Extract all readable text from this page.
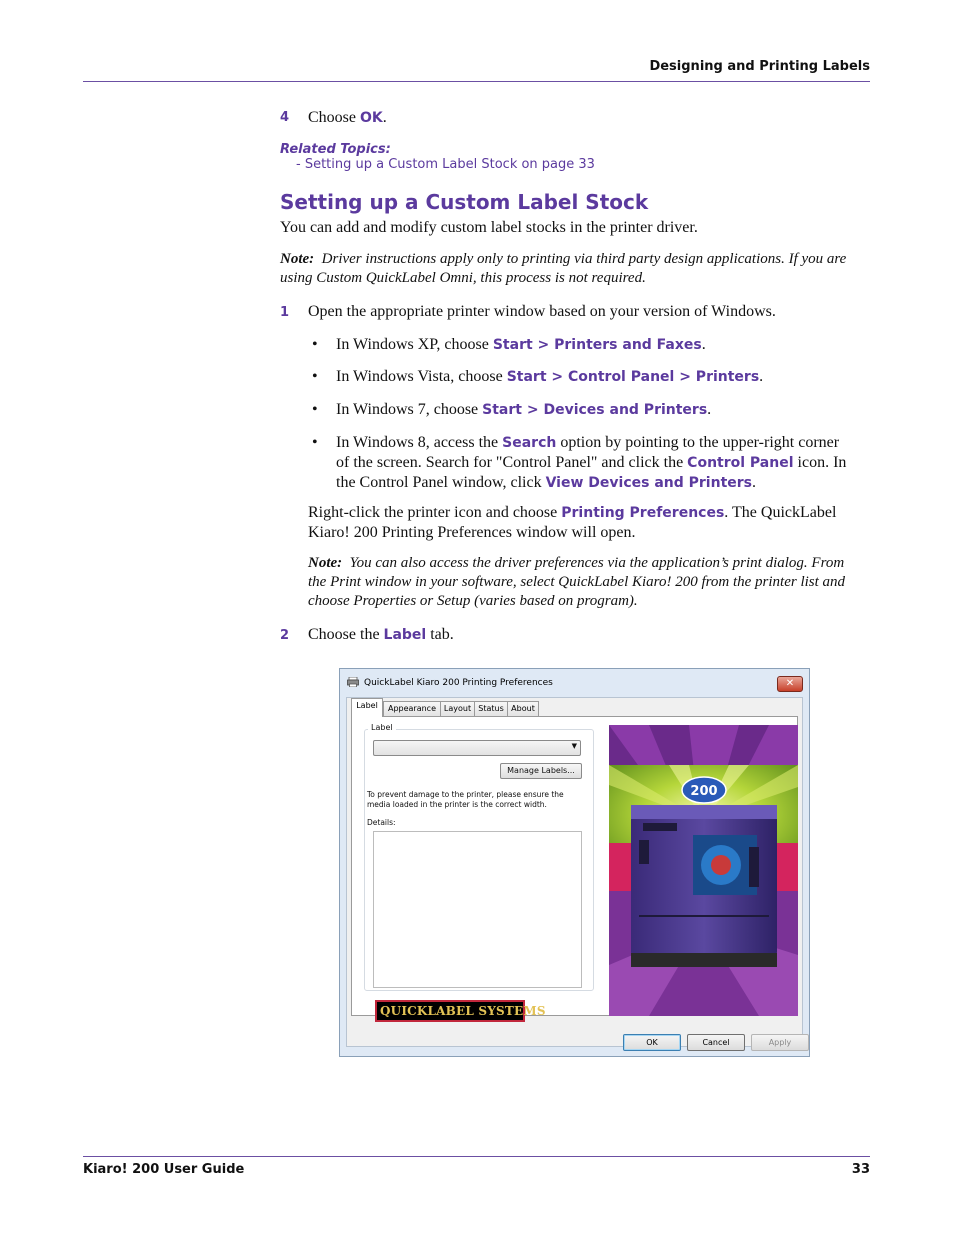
Designing and Printing Labels
4 Choose OK.
Related Topics:
- Setting up a Custom Label Stock on page 33
Setting up a Custom Label Stock
You can add and modify custom label stocks in the printer driver.
Note: Driver instructions apply only to printing via third party design applications. If you are
using Custom QuickLabel Omni, this process is not required.
1 Open the appropriate printer window based on your version of Windows.
• In Windows XP, choose Start > Printers and Faxes.
• In Windows Vista, choose Start > Control Panel > Printers.
• In Windows 7, choose Start > Devices and Printers.
• In Windows 8, access the Search option by pointing to the upper-right corner
of the screen. Search for "Control Panel" and click the Control Panel icon. In
the Control Panel window, click View Devices and Printers.
Right-click the printer icon and choose Printing Preferences. The QuickLabel
Kiaro! 200 Printing Preferences window will open.
Note: You can also access the driver preferences via the application’s print dialog. From
the Print window in your software, select QuickLabel Kiaro! 200 from the printer list and
choose Properties or Setup (varies based on program).
2 Choose the Label tab.
QuickLabel Kiaro 200 Printing Preferences	✕
Label	Appearance Layout Status About
Label
▼
Manage Labels...
To prevent damage to the printer, please ensure the
media loaded in the printer is the correct width.
Details:
QUICKLABEL SYSTEMS
200
OK	Cancel	Apply
Kiaro! 200 User Guide	33
